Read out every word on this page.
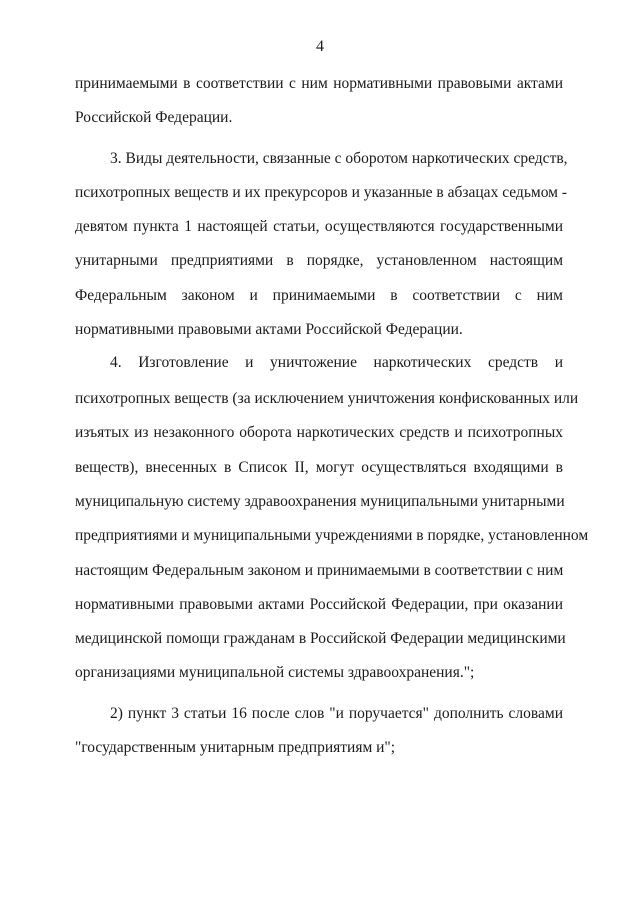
4
принимаемыми в соответствии с ним нормативными правовыми актами
Российской Федерации.
3. Виды деятельности, связанные с оборотом наркотических средств,
психотропных веществ и их прекурсоров и указанные в абзацах седьмом -
девятом пункта 1 настоящей статьи, осуществляются государственными
унитарными предприятиями в порядке, установленном настоящим
Федеральным законом и принимаемыми в соответствии с ним
нормативными правовыми актами Российской Федерации.
4. Изготовление и уничтожение наркотических средств и
психотропных веществ (за исключением уничтожения конфискованных или
изъятых из незаконного оборота наркотических средств и психотропных
веществ), внесенных в Список II, могут осуществляться входящими в
муниципальную систему здравоохранения муниципальными унитарными
предприятиями и муниципальными учреждениями в порядке, установленном
настоящим Федеральным законом и принимаемыми в соответствии с ним
нормативными правовыми актами Российской Федерации, при оказании
медицинской помощи гражданам в Российской Федерации медицинскими
организациями муниципальной системы здравоохранения.";
2) пункт 3 статьи 16 после слов "и поручается" дополнить словами
"государственным унитарным предприятиям и";
